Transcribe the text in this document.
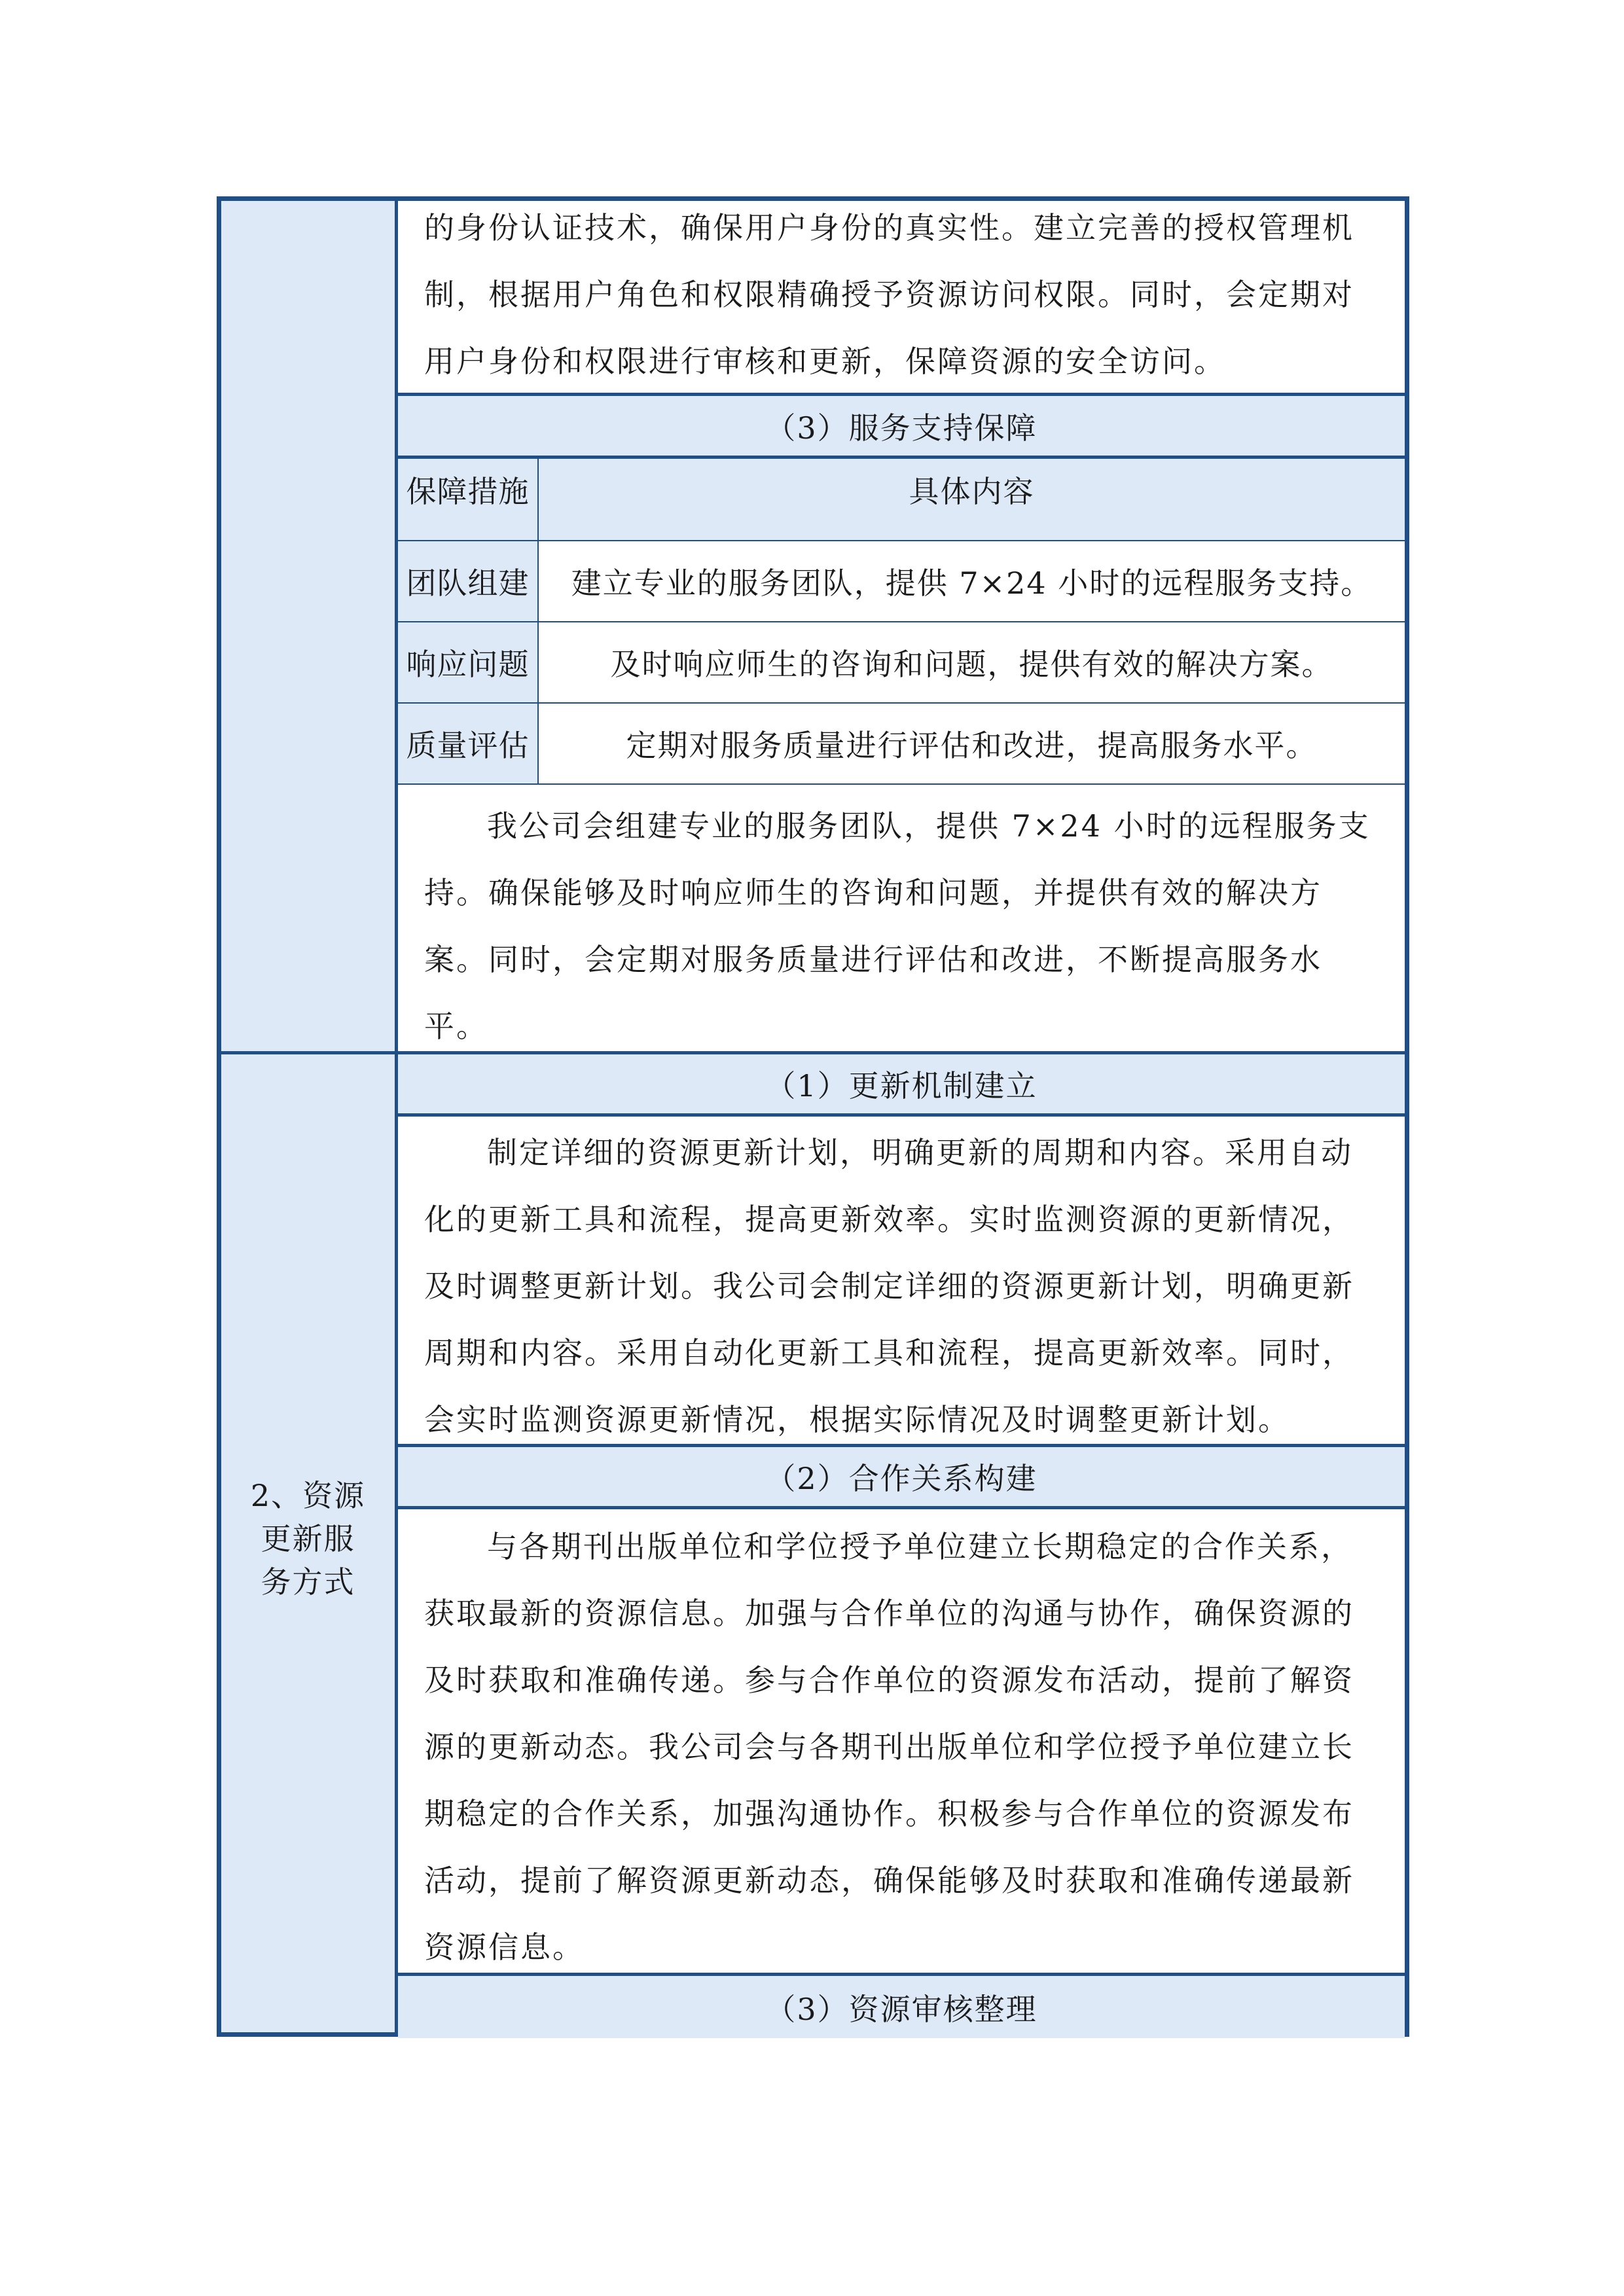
2、资源
更新服
务方式
的身份认证技术，确保用户身份的真实性。建立完善的授权管理机
制，根据用户角色和权限精确授予资源访问权限。同时，会定期对
用户身份和权限进行审核和更新，保障资源的安全访问。
（3）服务支持保障
保障措施	具体内容
团队组建	建立专业的服务团队，提供 7×24 小时的远程服务支持。
响应问题	及时响应师生的咨询和问题，提供有效的解决方案。
质量评估	定期对服务质量进行评估和改进，提高服务水平。
我公司会组建专业的服务团队，提供 7×24 小时的远程服务支
持。确保能够及时响应师生的咨询和问题，并提供有效的解决方
案。同时，会定期对服务质量进行评估和改进，不断提高服务水
平。
（1）更新机制建立
制定详细的资源更新计划，明确更新的周期和内容。采用自动
化的更新工具和流程，提高更新效率。实时监测资源的更新情况，
及时调整更新计划。我公司会制定详细的资源更新计划，明确更新
周期和内容。采用自动化更新工具和流程，提高更新效率。同时，
会实时监测资源更新情况，根据实际情况及时调整更新计划。
（2）合作关系构建
与各期刊出版单位和学位授予单位建立长期稳定的合作关系，
获取最新的资源信息。加强与合作单位的沟通与协作，确保资源的
及时获取和准确传递。参与合作单位的资源发布活动，提前了解资
源的更新动态。我公司会与各期刊出版单位和学位授予单位建立长
期稳定的合作关系，加强沟通协作。积极参与合作单位的资源发布
活动，提前了解资源更新动态，确保能够及时获取和准确传递最新
资源信息。
（3）资源审核整理
